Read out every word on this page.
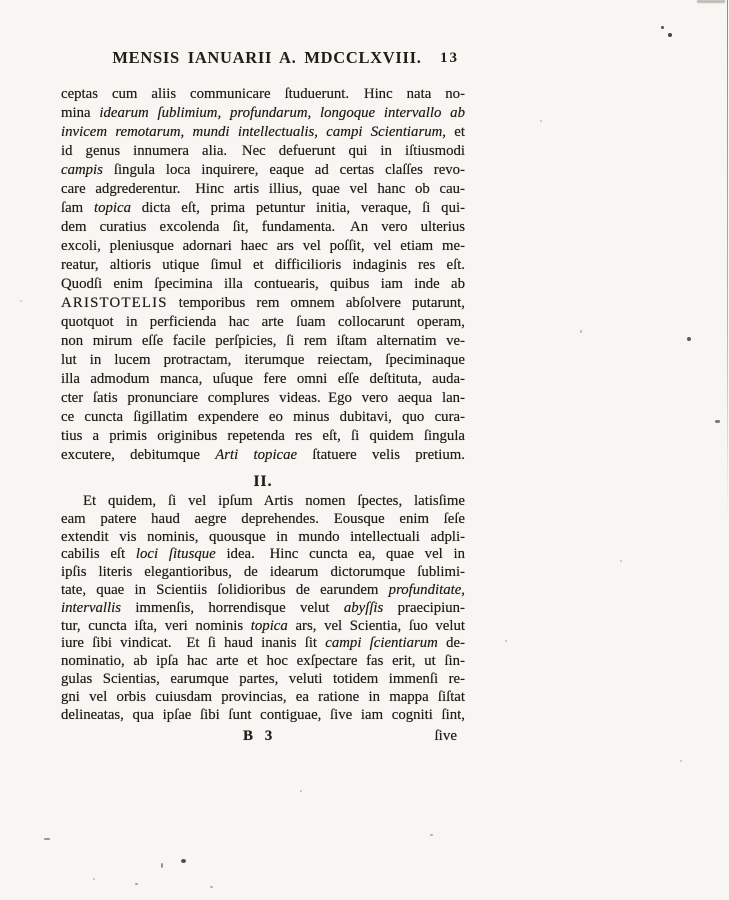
MENSIS IANUARII A. MDCCLXVIII. 13
ceptas cum aliis communicare ſtuduerunt.  Hinc nata no-
mina idearum ſublimium, profundarum, longoque intervallo ab
invicem remotarum, mundi intellectualis, campi Scientiarum, et
id genus innumera alia.  Nec defuerunt qui in iſtiusmodi
campis ſingula loca inquirere, eaque ad certas claſſes revo-
care adgrederentur.  Hinc artis illius, quae vel hanc ob cau-
ſam topica dicta eſt, prima petuntur initia, veraque, ſi qui-
dem curatius excolenda ſit, fundamenta.  An vero ulterius
excoli, pleniusque adornari haec ars vel poſſit, vel etiam me-
reatur, altioris utique ſimul et difficilioris indaginis res eſt.
Quodſi enim ſpecimina illa contuearis, quibus iam inde ab
ARISTOTELIS temporibus rem omnem abſolvere putarunt,
quotquot in perficienda hac arte ſuam collocarunt operam,
non mirum eſſe facile perſpicies, ſi rem iſtam alternatim ve-
lut in lucem protractam, iterumque reiectam, ſpeciminaque
illa admodum manca, uſuque fere omni eſſe deſtituta, auda-
cter ſatis pronunciare complures videas. Ego vero aequa lan-
ce cuncta ſigillatim expendere eo minus dubitavi, quo cura-
tius a primis originibus repetenda res eſt, ſi quidem ſingula
excutere, debitumque Arti topicae ſtatuere velis pretium.
II.
Et quidem, ſi vel ipſum Artis nomen ſpectes, latisſime
eam patere haud aegre deprehendes.  Eousque enim ſeſe
extendit vis nominis, quousque in mundo intellectuali adpli-
cabilis eſt loci ſitusque idea.  Hinc cuncta ea, quae vel in
ipſis literis elegantioribus, de idearum dictorumque ſublimi-
tate, quae in Scientiis ſolidioribus de earundem profunditate,
intervallis immenſis, horrendisque velut abyſſis praecipiun-
tur, cuncta iſta, veri nominis topica ars, vel Scientia, ſuo velut
iure ſibi vindicat.  Et ſi haud inanis ſit campi ſcientiarum de-
nominatio, ab ipſa hac arte et hoc exſpectare fas erit, ut ſin-
gulas Scientias, earumque partes, veluti totidem immenſi re-
gni vel orbis cuiusdam provincias, ea ratione in mappa ſiſtat
delineatas, qua ipſae ſibi ſunt contiguae, ſive iam cogniti ſint,
B 3	ſive
